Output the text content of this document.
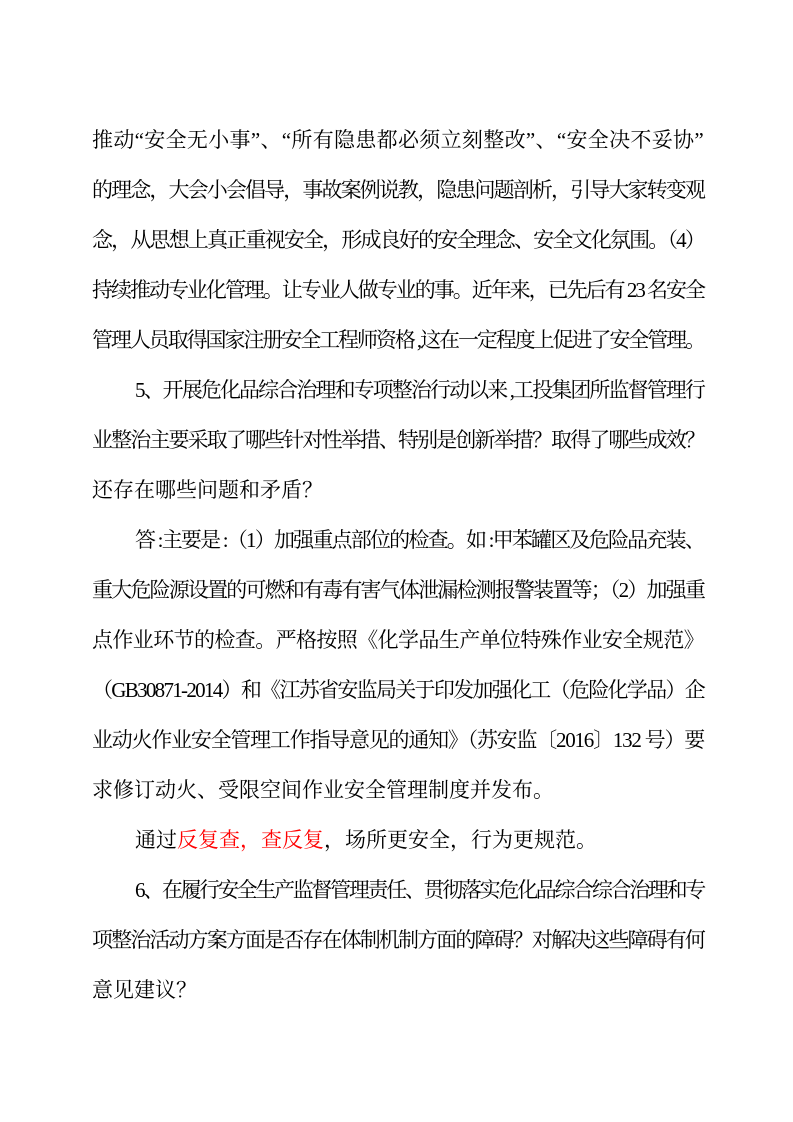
推动“安全无小事”、“所有隐患都必须立刻整改”、“安全决不妥协”
的理念，大会小会倡导，事故案例说教，隐患问题剖析，引导大家转变观
念，从思想上真正重视安全，形成良好的安全理念、安全文化氛围。（4）
持续推动专业化管理。让专业人做专业的事。近年来，已先后有 23 名安全
管理人员取得国家注册安全工程师资格 ,这在一定程度上促进了安全管理。
5、开展危化品综合治理和专项整治行动以来 ,工投集团所监督管理行
业整治主要采取了哪些针对性举措、特别是创新举措？取得了哪些成效？
还存在哪些问题和矛盾？
答 :主要是 :（1）加强重点部位的检查。如 :甲苯罐区及危险品充装、
重大危险源设置的可燃和有毒有害气体泄漏检测报警装置等；（2）加强重
点作业环节的检查。严格按照《化学品生产单位特殊作业安全规范》
（GB30871-2014）和《江苏省安监局关于印发加强化工（危险化学品）企
业动火作业安全管理工作指导意见的通知》（苏安监〔2016〕132 号）要
求修订动火、受限空间作业安全管理制度并发布。
通过反复查，查反复，场所更安全，行为更规范。
6、在履行安全生产监督管理责任、贯彻落实危化品综合综合治理和专
项整治活动方案方面是否存在体制机制方面的障碍？对解决这些障碍有何
意见建议？
